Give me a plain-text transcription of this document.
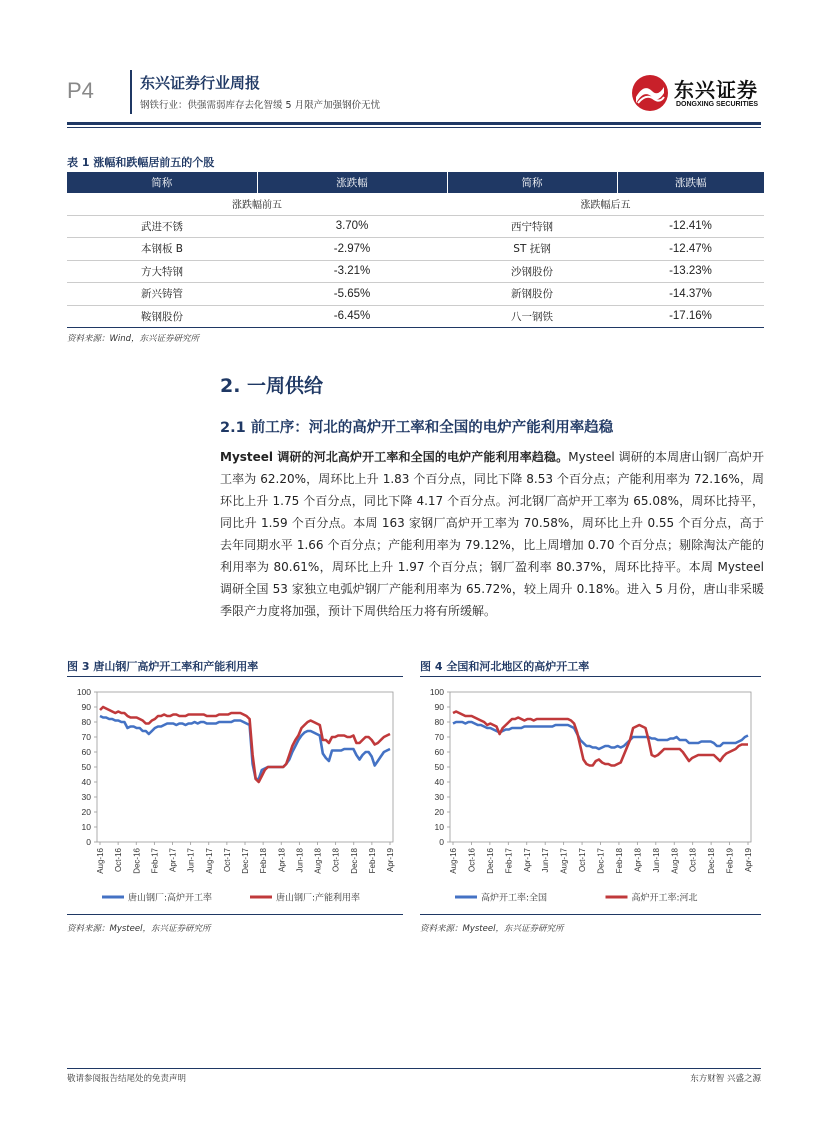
P4	东兴证券行业周报
钢铁行业：供强需弱库存去化智缓 5 月限产加强钢价无忧
东兴证券
DONGXING SECURITIES
表 1 涨幅和跌幅居前五的个股
简称	涨跌幅	简称	涨跌幅
涨跌幅前五		涨跌幅后五	
武进不锈	3.70%	西宁特钢	-12.41%
本钢板 B	-2.97%	ST 抚钢	-12.47%
方大特钢	-3.21%	沙钢股份	-13.23%
新兴铸管	-5.65%	新钢股份	-14.37%
鞍钢股份	-6.45%	八一钢铁	-17.16%
资料来源：Wind，东兴证券研究所
2. 一周供给
2.1 前工序：河北的高炉开工率和全国的电炉产能利用率趋稳
Mysteel 调研的河北高炉开工率和全国的电炉产能利用率趋稳。Mysteel 调研的本周唐山钢厂高炉开工率为 62.20%，周环比上升 1.83 个百分点，同比下降 8.53 个百分点；产能利用率为 72.16%，周环比上升 1.75 个百分点，同比下降 4.17 个百分点。河北钢厂高炉开工率为 65.08%，周环比持平，同比升 1.59 个百分点。本周 163 家钢厂高炉开工率为 70.58%，周环比上升 0.55 个百分点，高于去年同期水平 1.66 个百分点；产能利用率为 79.12%，比上周增加 0.70 个百分点；剔除淘汰产能的利用率为 80.61%，周环比上升 1.97 个百分点；钢厂盈利率 80.37%，周环比持平。本周 Mysteel 调研全国 53 家独立电弧炉钢厂产能利用率为 65.72%，较上周升 0.18%。进入 5 月份，唐山非采暖季限产力度将加强，预计下周供给压力将有所缓解。
图 3 唐山钢厂高炉开工率和产能利用率
0
10
20
30
40
50
60
70
80
90
100
Aug-16 Oct-16 Dec-16 Feb-17 Apr-17 Jun-17 Aug-17 Oct-17 Dec-17 Feb-18 Apr-18 Jun-18 Aug-18 Oct-18 Dec-18 Feb-19 Apr-19
唐山钢厂:高炉开工率	唐山钢厂:产能利用率
资料来源：Mysteel，东兴证券研究所
图 4 全国和河北地区的高炉开工率
0
10
20
30
40
50
60
70
80
90
100
Aug-16 Oct-16 Dec-16 Feb-17 Apr-17 Jun-17 Aug-17 Oct-17 Dec-17 Feb-18 Apr-18 Jun-18 Aug-18 Oct-18 Dec-18 Feb-19 Apr-19
高炉开工率:全国	高炉开工率:河北
资料来源：Mysteel，东兴证券研究所
敬请参阅报告结尾处的免责声明	东方财智 兴盛之源
